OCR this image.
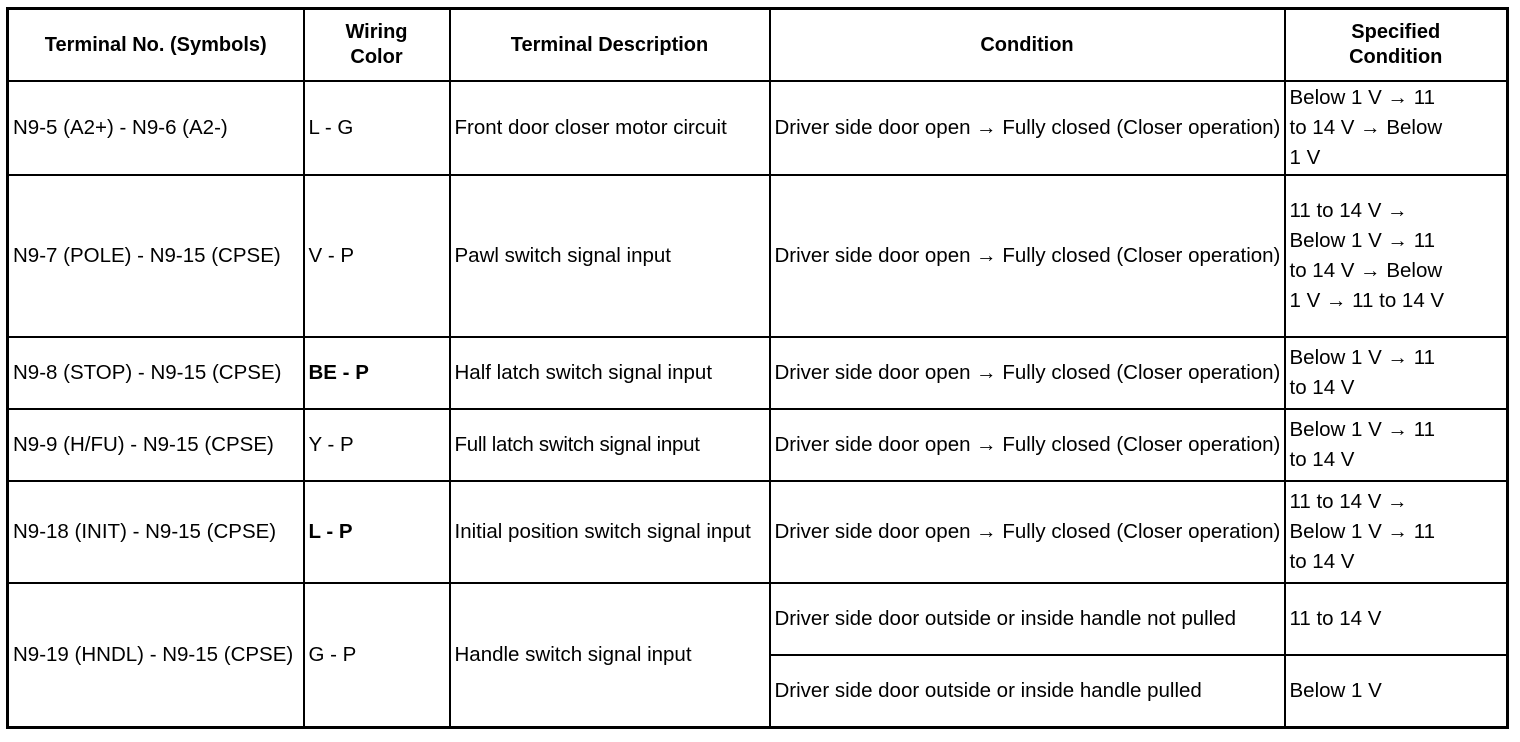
Terminal No. (Symbols)	Wiring Color	Terminal Description	Condition	Specified Condition

N9-5 (A2+) - N9-6 (A2-)	L - G	Front door closer motor circuit	Driver side door open → Fully closed (Closer operation)	Below 1 V → 11 to 14 V → Below 1 V

N9-7 (POLE) - N9-15 (CPSE)	V - P	Pawl switch signal input	Driver side door open → Fully closed (Closer operation)	11 to 14 V → Below 1 V → 11 to 14 V → Below 1 V → 11 to 14 V

N9-8 (STOP) - N9-15 (CPSE)	BE - P	Half latch switch signal input	Driver side door open → Fully closed (Closer operation)	Below 1 V → 11 to 14 V

N9-9 (H/FU) - N9-15 (CPSE)	Y - P	Full latch switch signal input	Driver side door open → Fully closed (Closer operation)	Below 1 V → 11 to 14 V

N9-18 (INIT) - N9-15 (CPSE)	L - P	Initial position switch signal input	Driver side door open → Fully closed (Closer operation)	11 to 14 V → Below 1 V → 11 to 14 V

N9-19 (HNDL) - N9-15 (CPSE)	G - P	Handle switch signal input	Driver side door outside or inside handle not pulled	11 to 14 V
			Driver side door outside or inside handle pulled	Below 1 V
